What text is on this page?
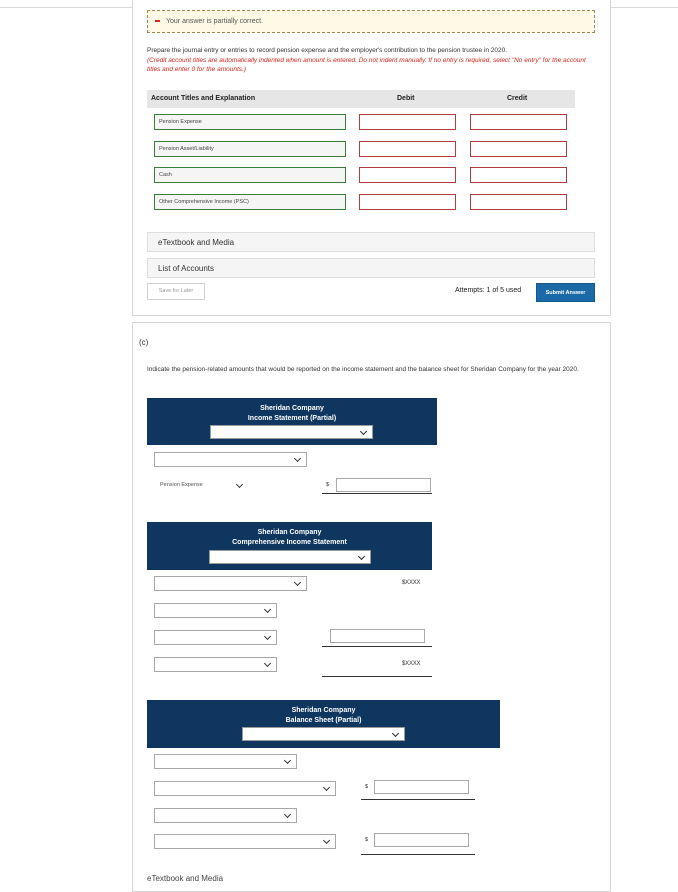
Your answer is partially correct.
Prepare the journal entry or entries to record pension expense and the employer's contribution to the pension trustee in 2020.
(Credit account titles are automatically indented when amount is entered. Do not indent manually. If no entry is required, select "No entry" for the account titles and enter 0 for the amounts.)
Account Titles and Explanation	Debit	Credit
Pension Expense
Pension Asset/Liability
Cash
Other Comprehensive Income (PSC)
eTextbook and Media
List of Accounts
Save for Later	Attempts: 1 of 5 used	Submit Answer
(c)
Indicate the pension-related amounts that would be reported on the income statement and the balance sheet for Sheridan Company for the year 2020.
Sheridan Company
Income Statement (Partial)
Pension Expense	$
Sheridan Company
Comprehensive Income Statement
$XXXX
$XXXX
Sheridan Company
Balance Sheet (Partial)
$
$
eTextbook and Media
